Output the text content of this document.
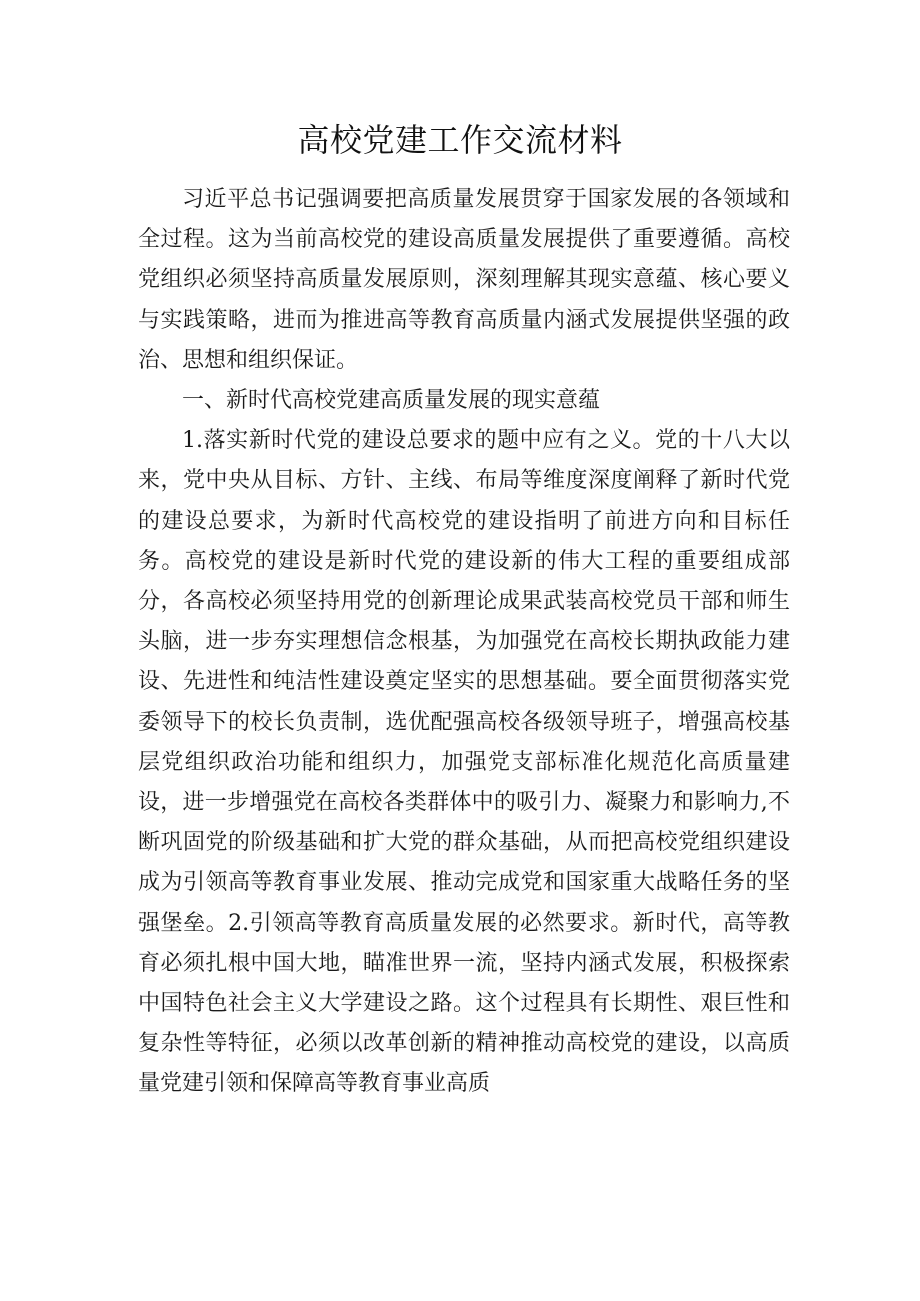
高校党建工作交流材料

习近平总书记强调要把高质量发展贯穿于国家发展的各领域和全过程。这为当前高校党的建设高质量发展提供了重要遵循。高校党组织必须坚持高质量发展原则，深刻理解其现实意蕴、核心要义与实践策略，进而为推进高等教育高质量内涵式发展提供坚强的政治、思想和组织保证。

一、新时代高校党建高质量发展的现实意蕴

1.落实新时代党的建设总要求的题中应有之义。党的十八大以来，党中央从目标、方针、主线、布局等维度深度阐释了新时代党的建设总要求，为新时代高校党的建设指明了前进方向和目标任务。高校党的建设是新时代党的建设新的伟大工程的重要组成部分，各高校必须坚持用党的创新理论成果武装高校党员干部和师生头脑，进一步夯实理想信念根基，为加强党在高校长期执政能力建设、先进性和纯洁性建设奠定坚实的思想基础。要全面贯彻落实党委领导下的校长负责制，选优配强高校各级领导班子，增强高校基层党组织政治功能和组织力，加强党支部标准化规范化高质量建设，进一步增强党在高校各类群体中的吸引力、凝聚力和影响力,不断巩固党的阶级基础和扩大党的群众基础，从而把高校党组织建设成为引领高等教育事业发展、推动完成党和国家重大战略任务的坚强堡垒。2.引领高等教育高质量发展的必然要求。新时代，高等教育必须扎根中国大地，瞄准世界一流，坚持内涵式发展，积极探索中国特色社会主义大学建设之路。这个过程具有长期性、艰巨性和复杂性等特征，必须以改革创新的精神推动高校党的建设，以高质量党建引领和保障高等教育事业高质
